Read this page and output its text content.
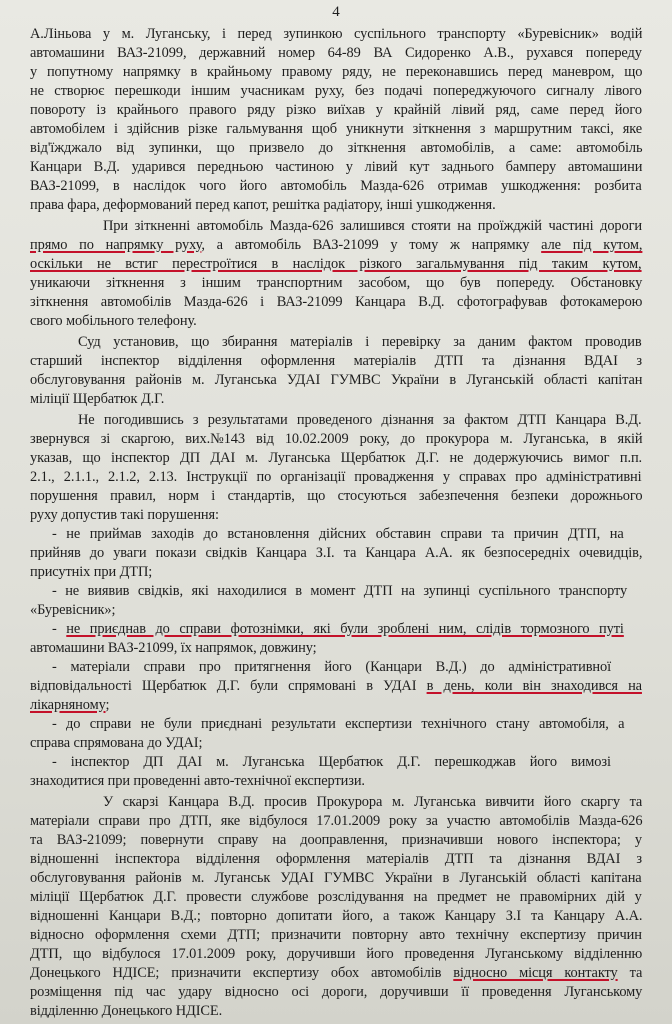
4
А.Ліньова у м. Луганську, і перед зупинкою суспільного транспорту «Буревісник» водій
автомашини ВАЗ-21099, державний номер 64-89 ВА Сидоренко А.В., рухався попереду
у попутному напрямку в крайньому правому ряду, не переконавшись перед маневром, що
не створює перешкоди іншим учасникам руху, без подачі попереджуючого сигналу лівого
повороту із крайнього правого ряду різко виїхав у крайній лівий ряд, саме перед його
автомобілем і здійснив різке гальмування щоб уникнути зіткнення з маршрутним таксі, яке
від'їжджало від зупинки, що призвело до зіткнення автомобілів, а саме: автомобіль
Канцари В.Д. ударився передньою частиною у лівий кут заднього бамперу автомашини
ВАЗ-21099, в наслідок чого його автомобіль Мазда-626 отримав ушкодження: розбита
права фара, деформований перед капот, решітка радіатору, інші ушкодження.
При зіткненні автомобіль Мазда-626 залишився стояти на проїжджій частині дороги
прямо по напрямку руху, а автомобіль ВАЗ-21099 у тому ж напрямку але під кутом,
оскільки не встиг перестроїтися в наслідок різкого загальмування під таким кутом,
уникаючи зіткнення з іншим транспортним засобом, що був попереду. Обстановку
зіткнення автомобілів Мазда-626 і ВАЗ-21099 Канцара В.Д. сфотографував фотокамерою
свого мобільного телефону.
Суд установив, що збирання матеріалів і перевірку за даним фактом проводив
старший інспектор відділення оформлення матеріалів ДТП та дізнання ВДАІ з
обслуговування районів м. Луганська УДАІ ГУМВС України в Луганській області капітан
міліції Щербатюк Д.Г.
Не погодившись з результатами проведеного дізнання за фактом ДТП Канцара В.Д.
звернувся зі скаргою, вих.№143 від 10.02.2009 року, до прокурора м. Луганська, в якій
указав, що інспектор ДП ДАІ м. Луганська Щербатюк Д.Г. не додержуючись вимог п.п.
2.1., 2.1.1., 2.1.2, 2.13. Інструкції по організації провадження у справах про адміністративні
порушення правил, норм і стандартів, що стосуються забезпечення безпеки дорожнього
руху допустив такі порушення:
- не приймав заходів до встановлення дійсних обставин справи та причин ДТП, на
прийняв до уваги покази свідків Канцара З.І. та Канцара А.А. як безпосередніх очевидців,
присутніх при ДТП;
- не виявив свідків, які находилися в момент ДТП на зупинці суспільного транспорту
«Буревісник»;
- не приєднав до справи фотознімки, які були зроблені ним, слідів тормозного путі
автомашини ВАЗ-21099, їх напрямок, довжину;
- матеріали справи про притягнення його (Канцари В.Д.) до адміністративної
відповідальності Щербатюк Д.Г. були спрямовані в УДАІ в день, коли він знаходився на
лікарняному;
- до справи не були приєднані результати експертизи технічного стану автомобіля, а
справа спрямована до УДАІ;
- інспектор ДП ДАІ м. Луганська Щербатюк Д.Г. перешкоджав його вимозі
знаходитися при проведенні авто-технічної експертизи.
У скарзі Канцара В.Д. просив Прокурора м. Луганська вивчити його скаргу та
матеріали справи про ДТП, яке відбулося 17.01.2009 року за участю автомобілів Мазда-626
та ВАЗ-21099; повернути справу на дооправлення, призначивши нового інспектора; у
відношенні інспектора відділення оформлення матеріалів ДТП та дізнання ВДАІ з
обслуговування районів м. Луганськ УДАІ ГУМВС України в Луганській області капітана
міліції Щербатюк Д.Г. провести службове розслідування на предмет не правомірних дій у
відношенні Канцари В.Д.; повторно допитати його, а також Канцару З.І та Канцару А.А.
відносно оформлення схеми ДТП; призначити повторну авто технічну експертизу причин
ДТП, що відбулося 17.01.2009 року, доручивши його проведення Луганському відділенню
Донецького НДІСЕ; призначити експертизу обох автомобілів відносно місця контакту та
розміщення під час удару відносно осі дороги, доручивши її проведення Луганському
відділенню Донецького НДІСЕ.
